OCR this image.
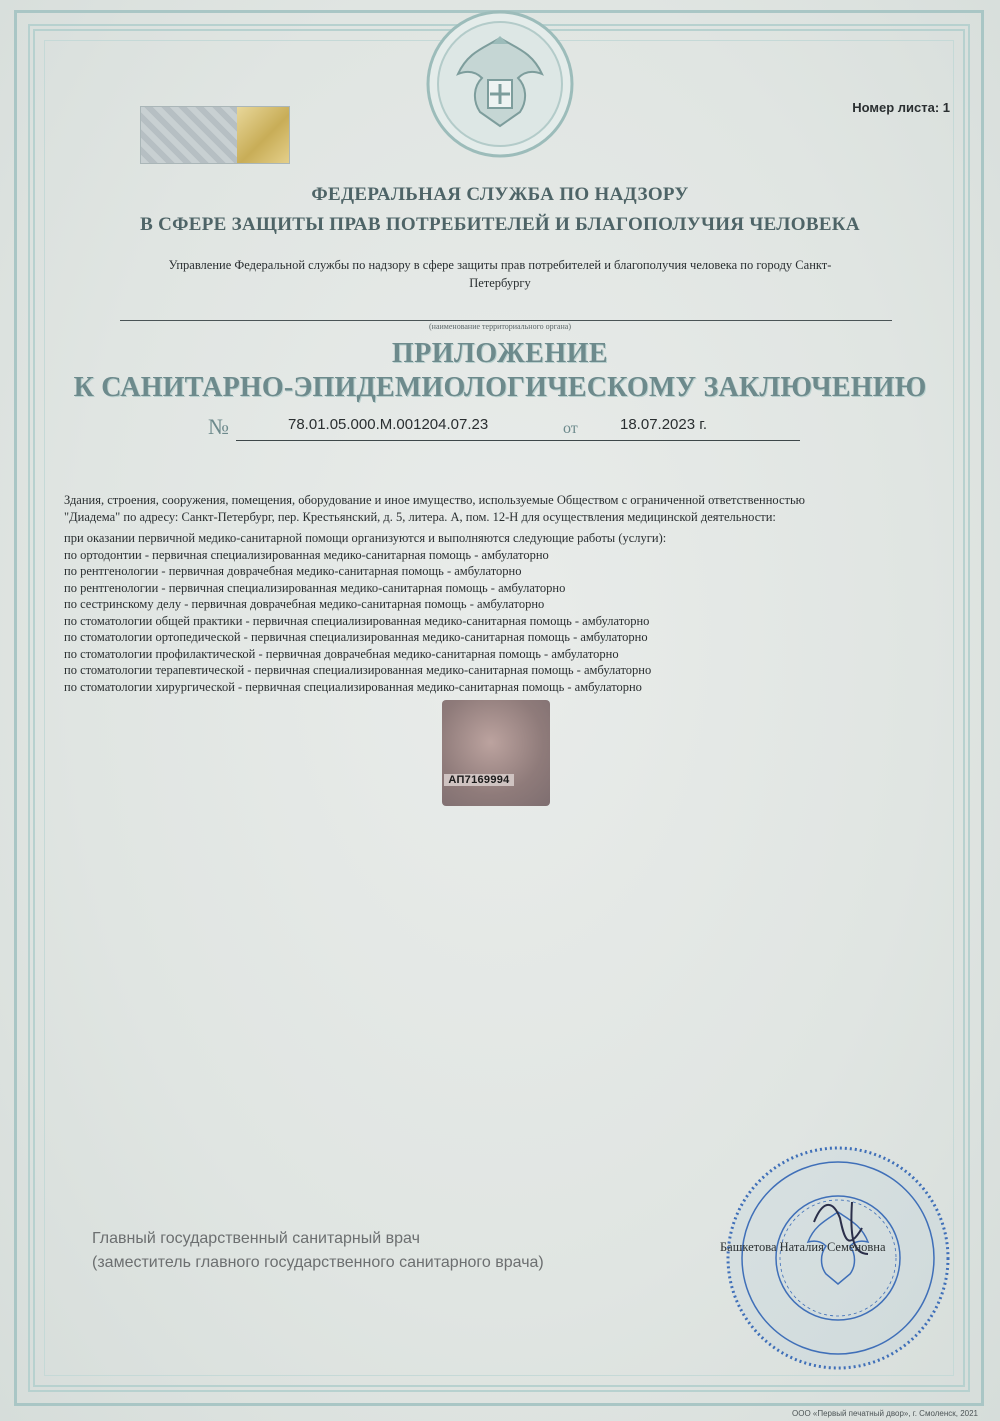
Номер листа: 1
ФЕДЕРАЛЬНАЯ СЛУЖБА ПО НАДЗОРУ
В СФЕРЕ ЗАЩИТЫ ПРАВ ПОТРЕБИТЕЛЕЙ И БЛАГОПОЛУЧИЯ ЧЕЛОВЕКА
Управление Федеральной службы по надзору в сфере защиты прав потребителей и благополучия человека по городу Санкт-
Петербургу
(наименование территориального органа)
ПРИЛОЖЕНИЕ
К САНИТАРНО-ЭПИДЕМИОЛОГИЧЕСКОМУ ЗАКЛЮЧЕНИЮ
№	78.01.05.000.М.001204.07.23	от	18.07.2023 г.
Здания, строения, сооружения, помещения, оборудование и иное имущество, используемые Обществом с ограниченной ответственностью
"Диадема" по адресу: Санкт-Петербург, пер. Крестьянский, д. 5, литера. А, пом. 12-Н для осуществления медицинской деятельности:
при оказании первичной медико-санитарной помощи организуются и выполняются следующие работы (услуги):
по ортодонтии - первичная специализированная медико-санитарная помощь - амбулаторно
по рентгенологии - первичная доврачебная медико-санитарная помощь - амбулаторно
по рентгенологии - первичная специализированная медико-санитарная помощь - амбулаторно
по сестринскому делу - первичная доврачебная медико-санитарная помощь - амбулаторно
по стоматологии общей практики - первичная специализированная медико-санитарная помощь - амбулаторно
по стоматологии ортопедической - первичная специализированная медико-санитарная помощь - амбулаторно
по стоматологии профилактической - первичная доврачебная медико-санитарная помощь - амбулаторно
по стоматологии терапевтической - первичная специализированная медико-санитарная помощь - амбулаторно
по стоматологии хирургической - первичная специализированная медико-санитарная помощь - амбулаторно
АП7169994
Главный государственный санитарный врач
(заместитель главного государственного санитарного врача)
Башкетова Наталия Семеновна
ООО «Первый печатный двор», г. Смоленск, 2021
